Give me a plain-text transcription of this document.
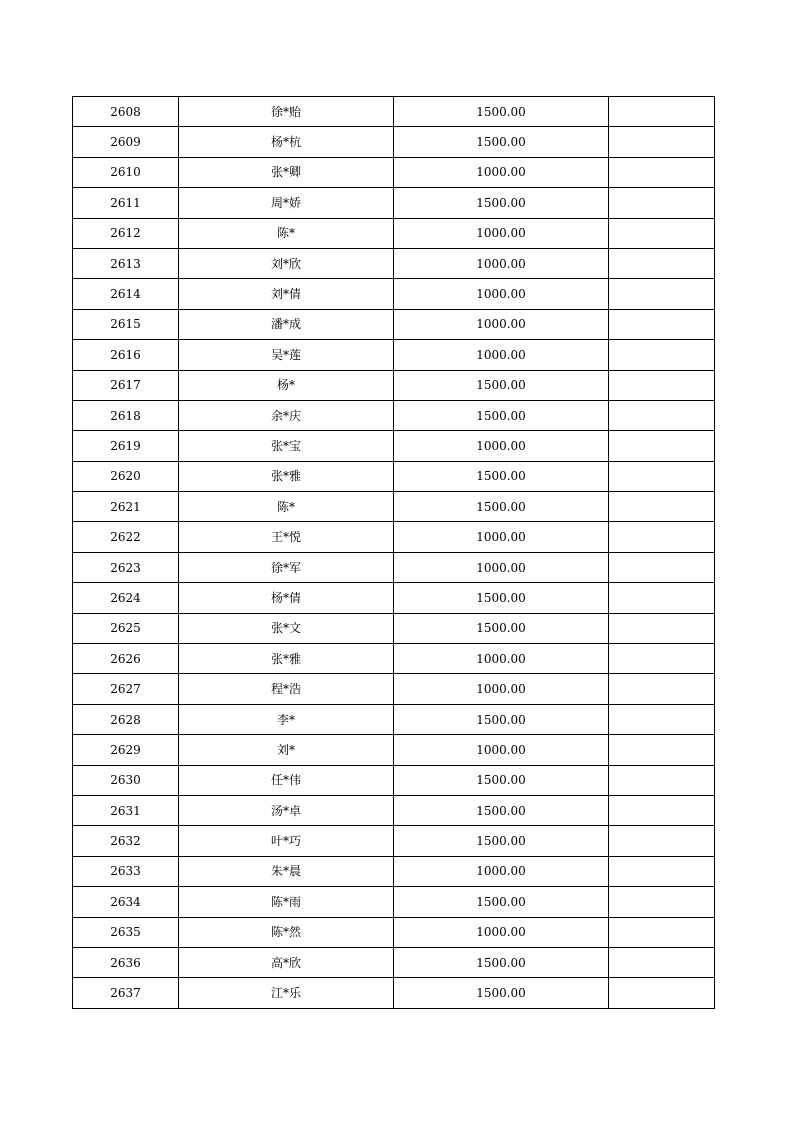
2608	徐*贻	1500.00	
2609	杨*杭	1500.00	
2610	张*卿	1000.00	
2611	周*娇	1500.00	
2612	陈*	1000.00	
2613	刘*欣	1000.00	
2614	刘*倩	1000.00	
2615	潘*成	1000.00	
2616	吴*莲	1000.00	
2617	杨*	1500.00	
2618	余*庆	1500.00	
2619	张*宝	1000.00	
2620	张*雅	1500.00	
2621	陈*	1500.00	
2622	王*悦	1000.00	
2623	徐*军	1000.00	
2624	杨*倩	1500.00	
2625	张*文	1500.00	
2626	张*雅	1000.00	
2627	程*浩	1000.00	
2628	李*	1500.00	
2629	刘*	1000.00	
2630	任*伟	1500.00	
2631	汤*卓	1500.00	
2632	叶*巧	1500.00	
2633	朱*晨	1000.00	
2634	陈*雨	1500.00	
2635	陈*然	1000.00	
2636	高*欣	1500.00	
2637	江*乐	1500.00	
